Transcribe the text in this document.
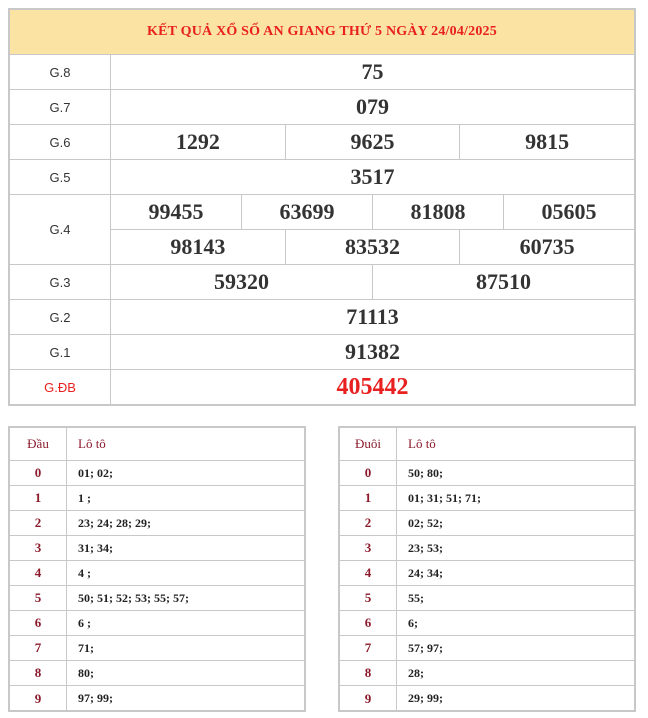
KẾT QUẢ XỔ SỐ AN GIANG THỨ 5 NGÀY 24/04/2025
G.8	75
G.7	079
G.6	1292	9625	9815
G.5	3517
G.4
99455	63699	81808	05605
98143	83532	60735
G.3	59320	87510
G.2	71113
G.1	91382
G.ĐB	405442
Đầu	Lô tô
0	01; 02;
1	1 ;
2	23; 24; 28; 29;
3	31; 34;
4	4 ;
5	50; 51; 52; 53; 55; 57;
6	6 ;
7	71;
8	80;
9	97; 99;
Đuôi	Lô tô
0	50; 80;
1	01; 31; 51; 71;
2	02; 52;
3	23; 53;
4	24; 34;
5	55;
6	6;
7	57; 97;
8	28;
9	29; 99;
